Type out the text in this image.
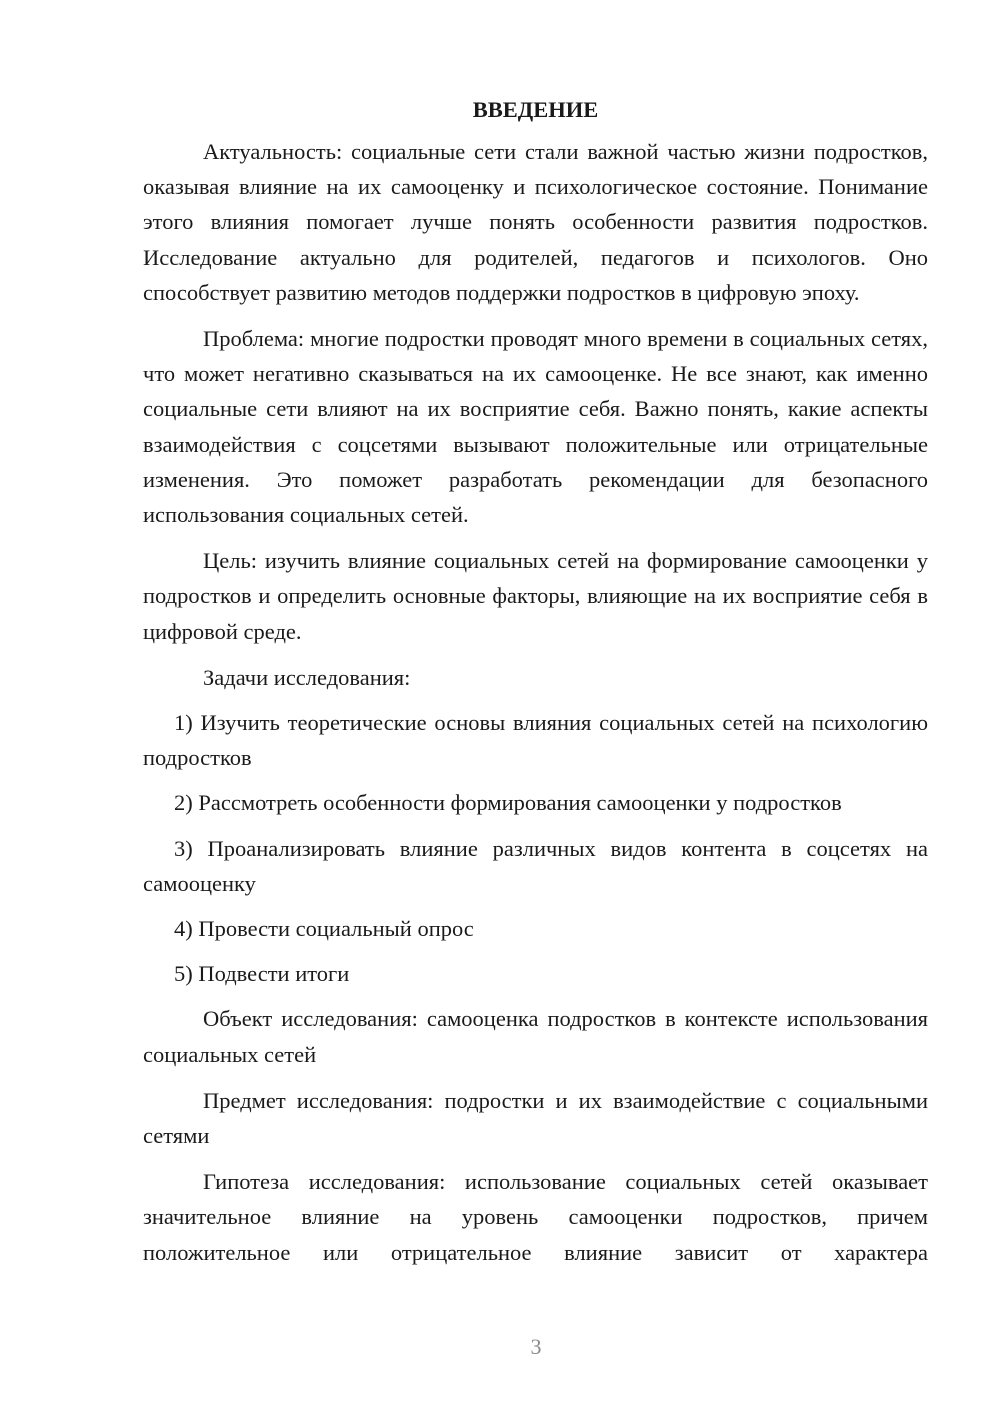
ВВЕДЕНИЕ

Актуальность: социальные сети стали важной частью жизни подростков, оказывая влияние на их самооценку и психологическое состояние. Понимание этого влияния помогает лучше понять особенности развития подростков. Исследование актуально для родителей, педагогов и психологов. Оно способствует развитию методов поддержки подростков в цифровую эпоху.

Проблема: многие подростки проводят много времени в социальных сетях, что может негативно сказываться на их самооценке. Не все знают, как именно социальные сети влияют на их восприятие себя. Важно понять, какие аспекты взаимодействия с соцсетями вызывают положительные или отрицательные изменения. Это поможет разработать рекомендации для безопасного использования социальных сетей.

Цель: изучить влияние социальных сетей на формирование самооценки у подростков и определить основные факторы, влияющие на их восприятие себя в цифровой среде.

Задачи исследования:

1) Изучить теоретические основы влияния социальных сетей на психологию подростков

2) Рассмотреть особенности формирования самооценки у подростков

3) Проанализировать влияние различных видов контента в соцсетях на самооценку

4) Провести социальный опрос

5) Подвести итоги

Объект исследования: самооценка подростков в контексте использования социальных сетей

Предмет исследования: подростки и их взаимодействие с социальными сетями

Гипотеза исследования: использование социальных сетей оказывает значительное влияние на уровень самооценки подростков, причем положительное или отрицательное влияние зависит от характера

3
